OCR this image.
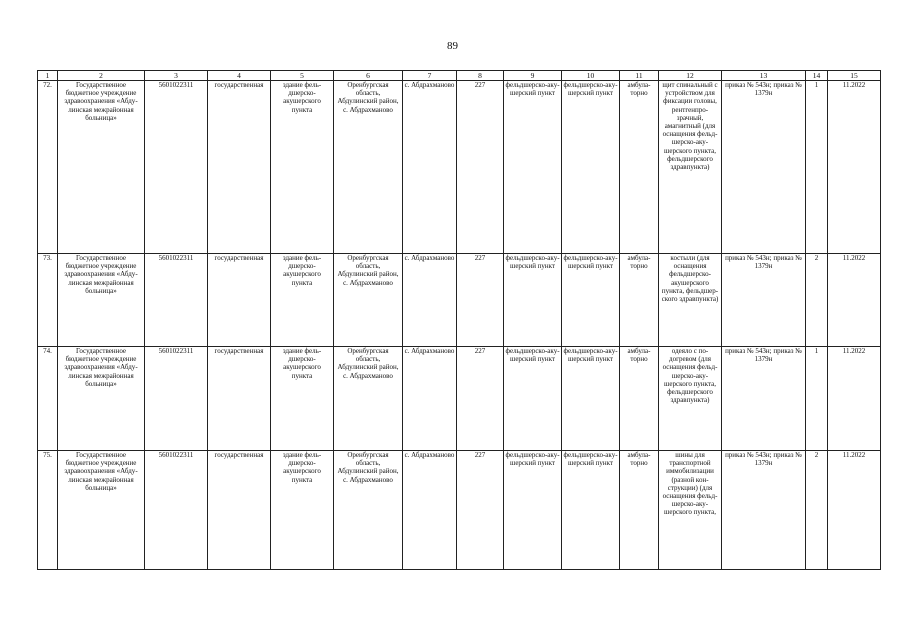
89
1	2	3	4	5	6	7	8	9	10	11	12	13	14	15
72.	Государственное бюджетное учреждение здравоохранения «Абдулинская межрайонная больница»	5601022311	государственная	здание фельдшерско-акушерского пункта	Оренбургская область, Абдулинский район, с. Абдрахманово	с. Абдрахманово	227	фельдшерско-акушерский пункт	фельдшерско-акушерский пункт	амбулаторно	щит спинальный с устройством для фиксации головы, рентгенпрозрачный, амагнитный (для оснащения фельдшерско-акушерского пункта, фельдшерского здравпункта)	приказ № 543н; приказ № 1379н	1	11.2022
73.	Государственное бюджетное учреждение здравоохранения «Абдулинская межрайонная больница»	5601022311	государственная	здание фельдшерско-акушерского пункта	Оренбургская область, Абдулинский район, с. Абдрахманово	с. Абдрахманово	227	фельдшерско-акушерский пункт	фельдшерско-акушерский пункт	амбулаторно	костыли (для оснащения фельдшерско-акушерского пункта, фельдшерского здравпункта)	приказ № 543н; приказ № 1379н	2	11.2022
74.	Государственное бюджетное учреждение здравоохранения «Абдулинская межрайонная больница»	5601022311	государственная	здание фельдшерско-акушерского пункта	Оренбургская область, Абдулинский район, с. Абдрахманово	с. Абдрахманово	227	фельдшерско-акушерский пункт	фельдшерско-акушерский пункт	амбулаторно	одеяло с подогревом (для оснащения фельдшерско-акушерского пункта, фельдшерского здравпункта)	приказ № 543н; приказ № 1379н	1	11.2022
75.	Государственное бюджетное учреждение здравоохранения «Абдулинская межрайонная больница»	5601022311	государственная	здание фельдшерско-акушерского пункта	Оренбургская область, Абдулинский район, с. Абдрахманово	с. Абдрахманово	227	фельдшерско-акушерский пункт	фельдшерско-акушерский пункт	амбулаторно	шины для транспортной иммобилизации (разной конструкции) (для оснащения фельдшерско-акушерского пункта,	приказ № 543н; приказ № 1379н	2	11.2022
